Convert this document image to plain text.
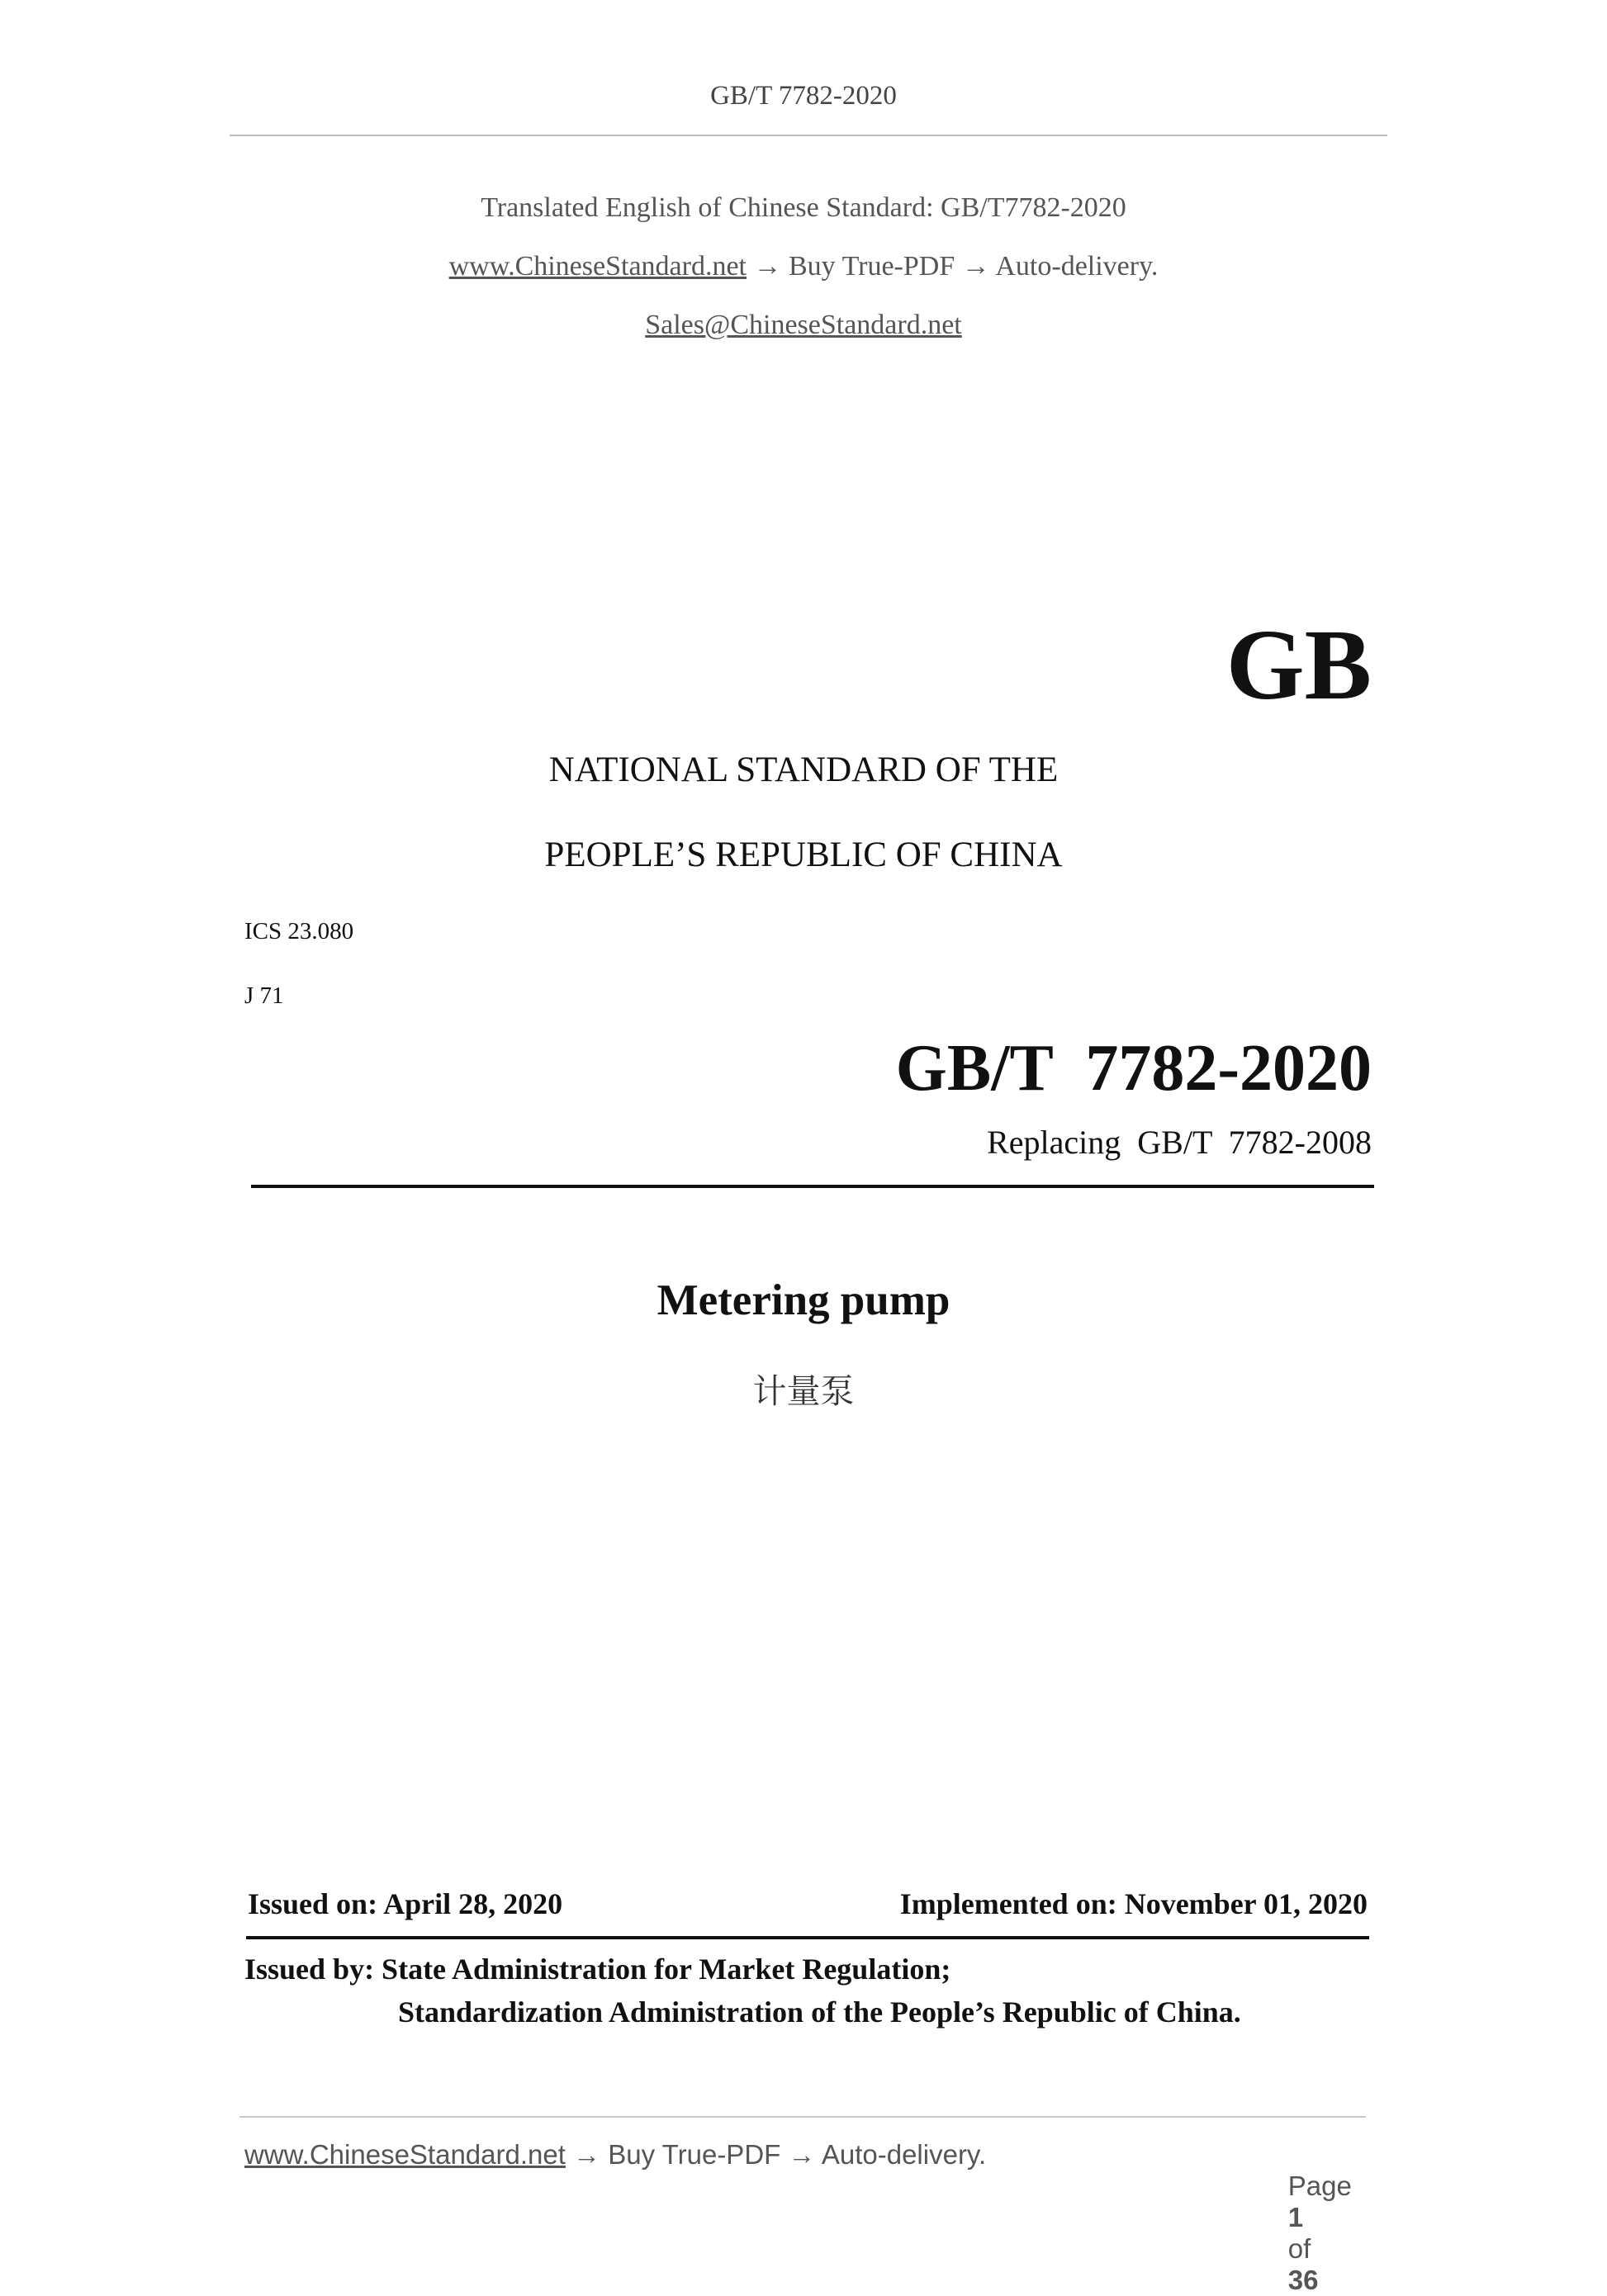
GB/T 7782-2020
Translated English of Chinese Standard: GB/T7782-2020
www.ChineseStandard.net → Buy True-PDF → Auto-delivery.
Sales@ChineseStandard.net
GB
NATIONAL STANDARD OF THE
PEOPLE’S REPUBLIC OF CHINA
ICS 23.080
J 71
GB/T  7782-2020
Replacing  GB/T  7782-2008
Metering pump
计量泵
Issued on: April 28, 2020	Implemented on: November 01, 2020
Issued by: State Administration for Market Regulation;
Standardization Administration of the People’s Republic of China.
www.ChineseStandard.net → Buy True-PDF → Auto-delivery.

Page
1
of
36
